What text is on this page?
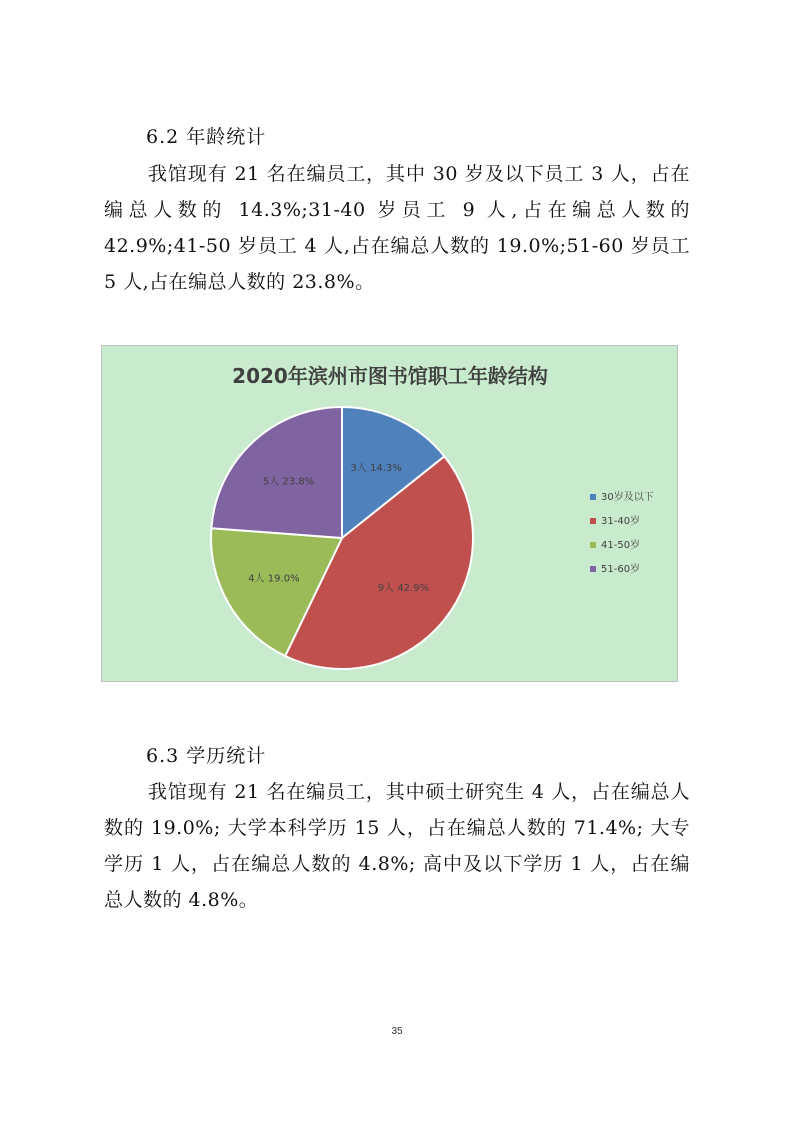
6.2 年龄统计
我馆现有 21 名在编员工，其中 30 岁及以下员工 3 人，占在编总人数的 14.3%;31-40 岁员工 9 人,占在编总人数的 42.9%;41-50 岁员工 4 人,占在编总人数的 19.0%;51-60 岁员工 5 人,占在编总人数的 23.8%。
2020年滨州市图书馆职工年龄结构
3人 14.3%
9人 42.9%
4人 19.0%
5人 23.8%
30岁及以下
31-40岁
41-50岁
51-60岁
6.3 学历统计
我馆现有 21 名在编员工，其中硕士研究生 4 人，占在编总人数的 19.0%; 大学本科学历 15 人，占在编总人数的 71.4%; 大专学历 1 人，占在编总人数的 4.8%; 高中及以下学历 1 人，占在编总人数的 4.8%。
35
